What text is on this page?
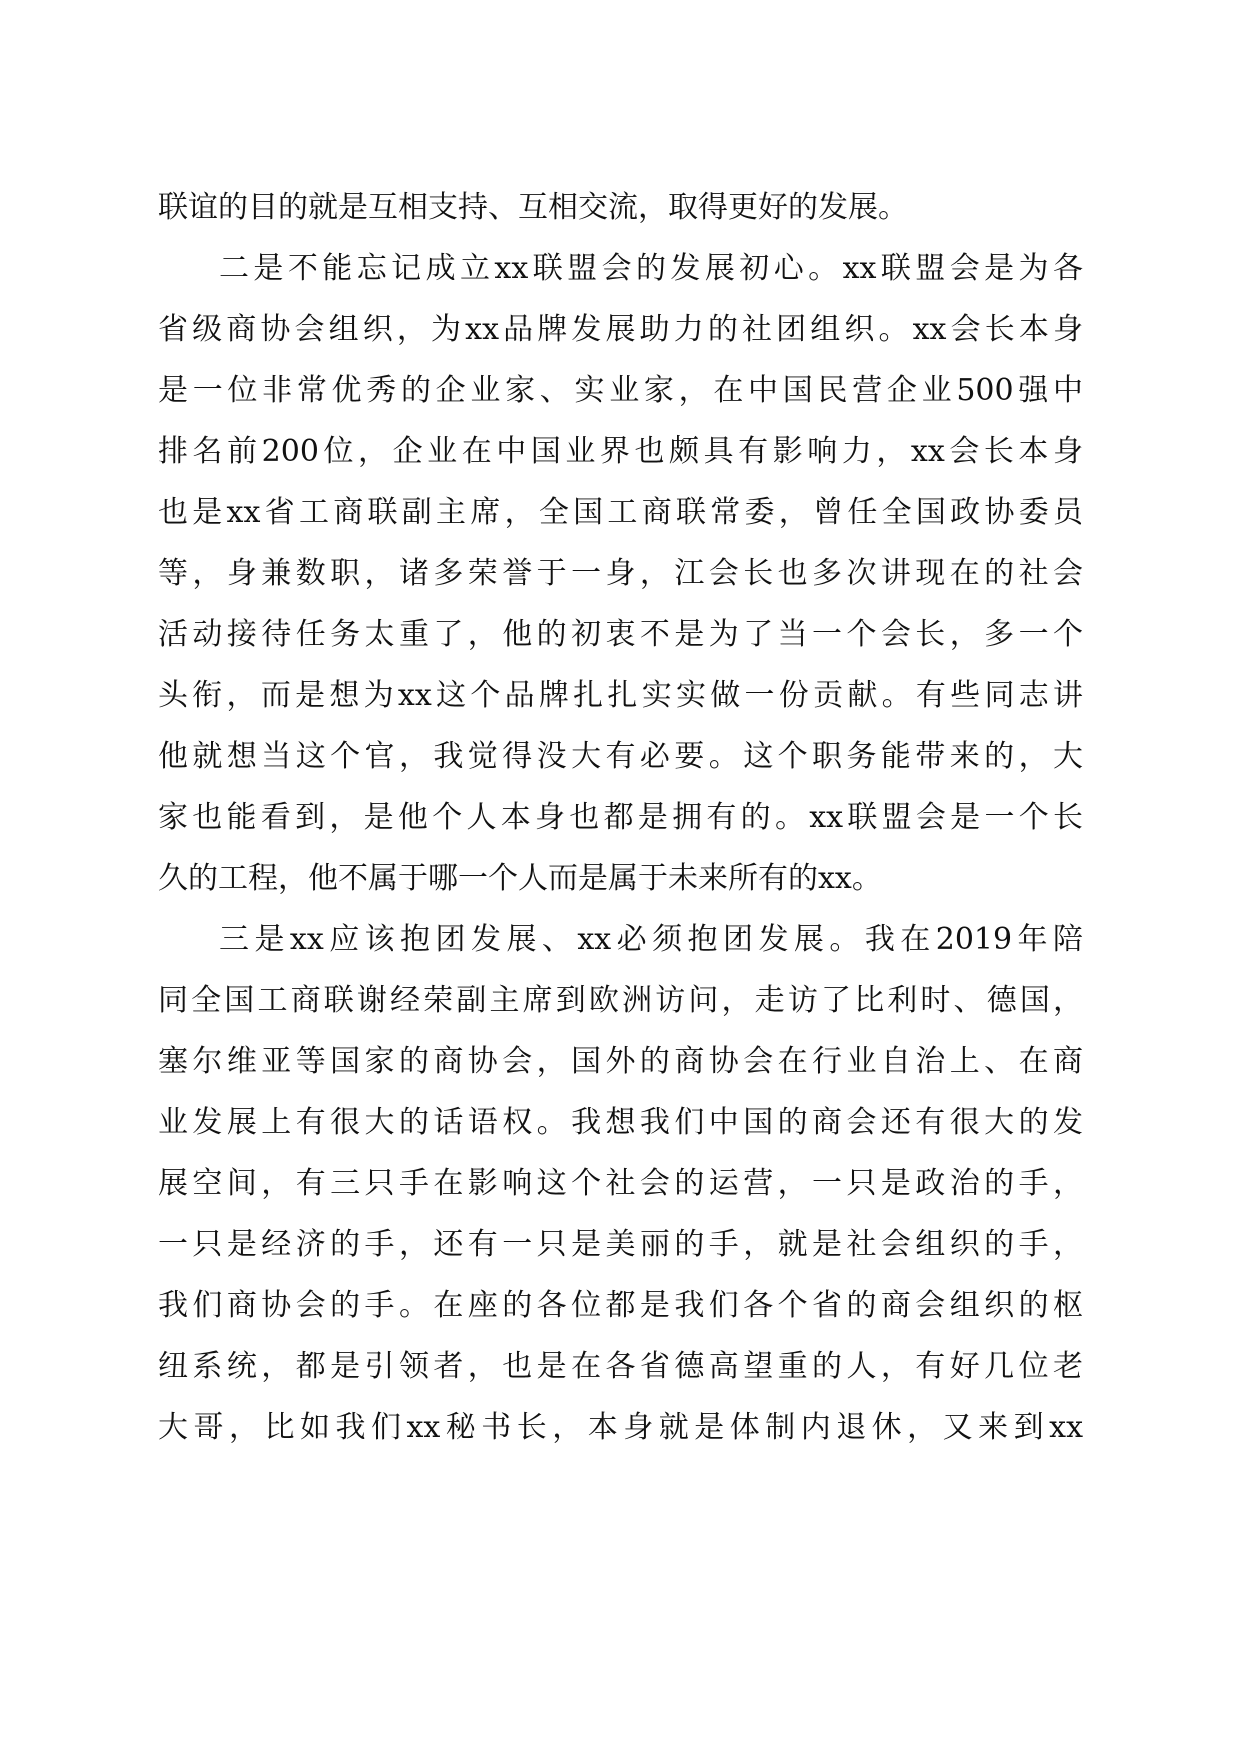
联谊的目的就是互相支持、互相交流，取得更好的发展。
二是不能忘记成立xx联盟会的发展初心。xx联盟会是为各
省级商协会组织，为xx品牌发展助力的社团组织。xx会长本身
是一位非常优秀的企业家、实业家，在中国民营企业500强中
排名前200位，企业在中国业界也颇具有影响力，xx会长本身
也是xx省工商联副主席，全国工商联常委，曾任全国政协委员
等，身兼数职，诸多荣誉于一身，江会长也多次讲现在的社会
活动接待任务太重了，他的初衷不是为了当一个会长，多一个
头衔，而是想为xx这个品牌扎扎实实做一份贡献。有些同志讲
他就想当这个官，我觉得没大有必要。这个职务能带来的，大
家也能看到，是他个人本身也都是拥有的。xx联盟会是一个长
久的工程，他不属于哪一个人而是属于未来所有的xx。
三是xx应该抱团发展、xx必须抱团发展。我在2019年陪
同全国工商联谢经荣副主席到欧洲访问，走访了比利时、德国，
塞尔维亚等国家的商协会，国外的商协会在行业自治上、在商
业发展上有很大的话语权。我想我们中国的商会还有很大的发
展空间，有三只手在影响这个社会的运营，一只是政治的手，
一只是经济的手，还有一只是美丽的手，就是社会组织的手，
我们商协会的手。在座的各位都是我们各个省的商会组织的枢
纽系统，都是引领者，也是在各省德高望重的人，有好几位老
大哥，比如我们xx秘书长，本身就是体制内退休，又来到xx
